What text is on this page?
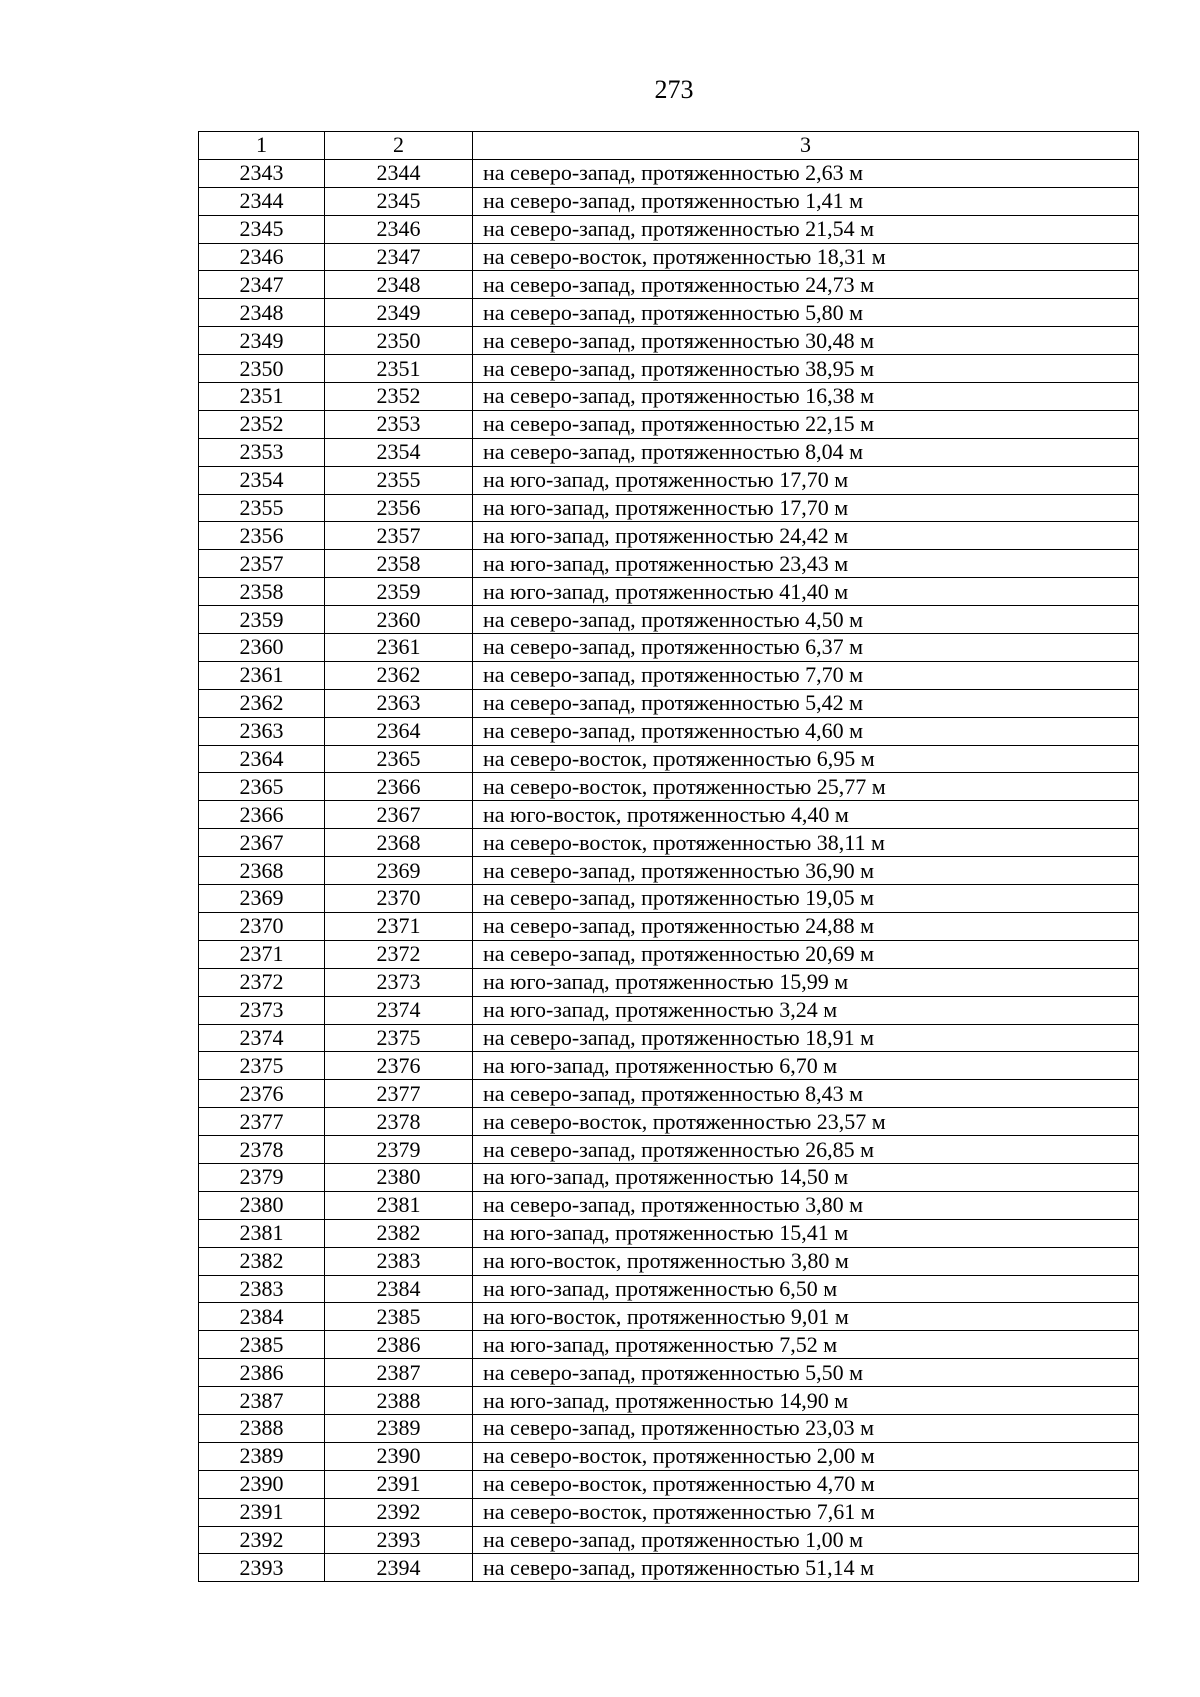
273
1	2	3
2343	2344	на северо-запад, протяженностью 2,63 м
2344	2345	на северо-запад, протяженностью 1,41 м
2345	2346	на северо-запад, протяженностью 21,54 м
2346	2347	на северо-восток, протяженностью 18,31 м
2347	2348	на северо-запад, протяженностью 24,73 м
2348	2349	на северо-запад, протяженностью 5,80 м
2349	2350	на северо-запад, протяженностью 30,48 м
2350	2351	на северо-запад, протяженностью 38,95 м
2351	2352	на северо-запад, протяженностью 16,38 м
2352	2353	на северо-запад, протяженностью 22,15 м
2353	2354	на северо-запад, протяженностью 8,04 м
2354	2355	на юго-запад, протяженностью 17,70 м
2355	2356	на юго-запад, протяженностью 17,70 м
2356	2357	на юго-запад, протяженностью 24,42 м
2357	2358	на юго-запад, протяженностью 23,43 м
2358	2359	на юго-запад, протяженностью 41,40 м
2359	2360	на северо-запад, протяженностью 4,50 м
2360	2361	на северо-запад, протяженностью 6,37 м
2361	2362	на северо-запад, протяженностью 7,70 м
2362	2363	на северо-запад, протяженностью 5,42 м
2363	2364	на северо-запад, протяженностью 4,60 м
2364	2365	на северо-восток, протяженностью 6,95 м
2365	2366	на северо-восток, протяженностью 25,77 м
2366	2367	на юго-восток, протяженностью 4,40 м
2367	2368	на северо-восток, протяженностью 38,11 м
2368	2369	на северо-запад, протяженностью 36,90 м
2369	2370	на северо-запад, протяженностью 19,05 м
2370	2371	на северо-запад, протяженностью 24,88 м
2371	2372	на северо-запад, протяженностью 20,69 м
2372	2373	на юго-запад, протяженностью 15,99 м
2373	2374	на юго-запад, протяженностью 3,24 м
2374	2375	на северо-запад, протяженностью 18,91 м
2375	2376	на юго-запад, протяженностью 6,70 м
2376	2377	на северо-запад, протяженностью 8,43 м
2377	2378	на северо-восток, протяженностью 23,57 м
2378	2379	на северо-запад, протяженностью 26,85 м
2379	2380	на юго-запад, протяженностью 14,50 м
2380	2381	на северо-запад, протяженностью 3,80 м
2381	2382	на юго-запад, протяженностью 15,41 м
2382	2383	на юго-восток, протяженностью 3,80 м
2383	2384	на юго-запад, протяженностью 6,50 м
2384	2385	на юго-восток, протяженностью 9,01 м
2385	2386	на юго-запад, протяженностью 7,52 м
2386	2387	на северо-запад, протяженностью 5,50 м
2387	2388	на юго-запад, протяженностью 14,90 м
2388	2389	на северо-запад, протяженностью 23,03 м
2389	2390	на северо-восток, протяженностью 2,00 м
2390	2391	на северо-восток, протяженностью 4,70 м
2391	2392	на северо-восток, протяженностью 7,61 м
2392	2393	на северо-запад, протяженностью 1,00 м
2393	2394	на северо-запад, протяженностью 51,14 м
